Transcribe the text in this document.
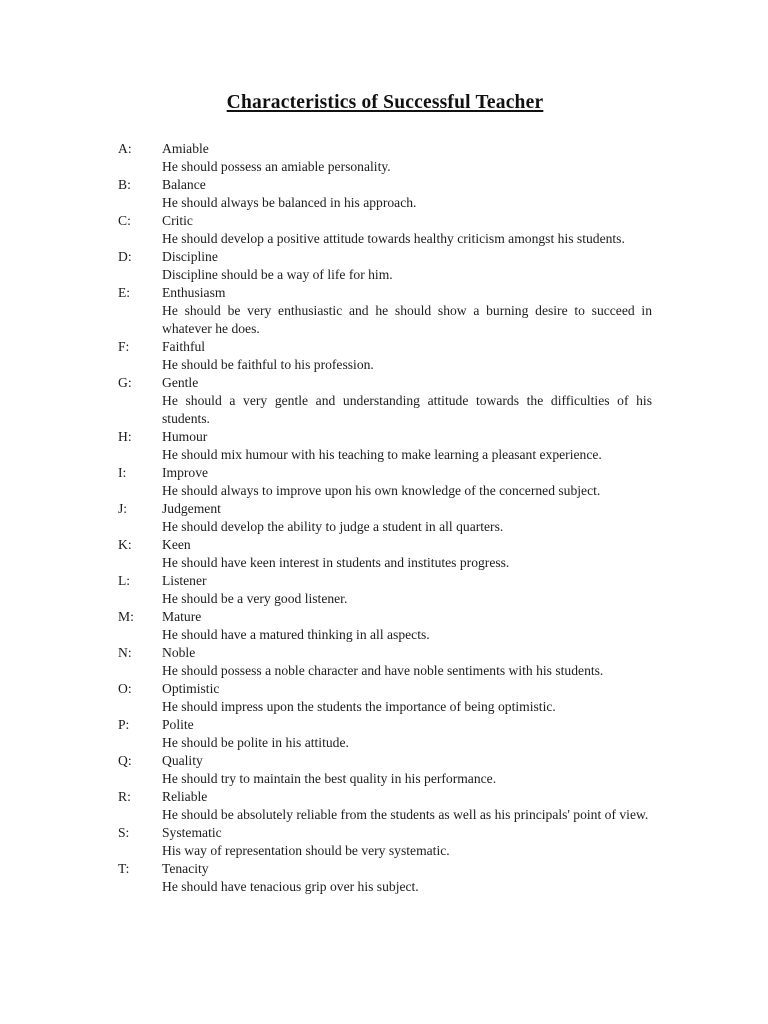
Characteristics of Successful Teacher
A:	Amiable
He should possess an amiable personality.
B:	Balance
He should always be balanced in his approach.
C:	Critic
He should develop a positive attitude towards healthy criticism amongst his students.
D:	Discipline
Discipline should be a way of life for him.
E:	Enthusiasm
He should be very enthusiastic and he should show a burning desire to succeed in whatever he does.
F:	Faithful
He should be faithful to his profession.
G:	Gentle
He should a very gentle and understanding attitude towards the difficulties of his students.
H:	Humour
He should mix humour with his teaching to make learning a pleasant experience.
I:	Improve
He should always to improve upon his own knowledge of the concerned subject.
J:	Judgement
He should develop the ability to judge a student in all quarters.
K:	Keen
He should have keen interest in students and institutes progress.
L:	Listener
He should be a very good listener.
M:	Mature
He should have a matured thinking in all aspects.
N:	Noble
He should possess a noble character and have noble sentiments with his students.
O:	Optimistic
He should impress upon the students the importance of being optimistic.
P:	Polite
He should be polite in his attitude.
Q:	Quality
He should try to maintain the best quality in his performance.
R:	Reliable
He should be absolutely reliable from the students as well as his principals' point of view.
S:	Systematic
His way of representation should be very systematic.
T:	Tenacity
He should have tenacious grip over his subject.
